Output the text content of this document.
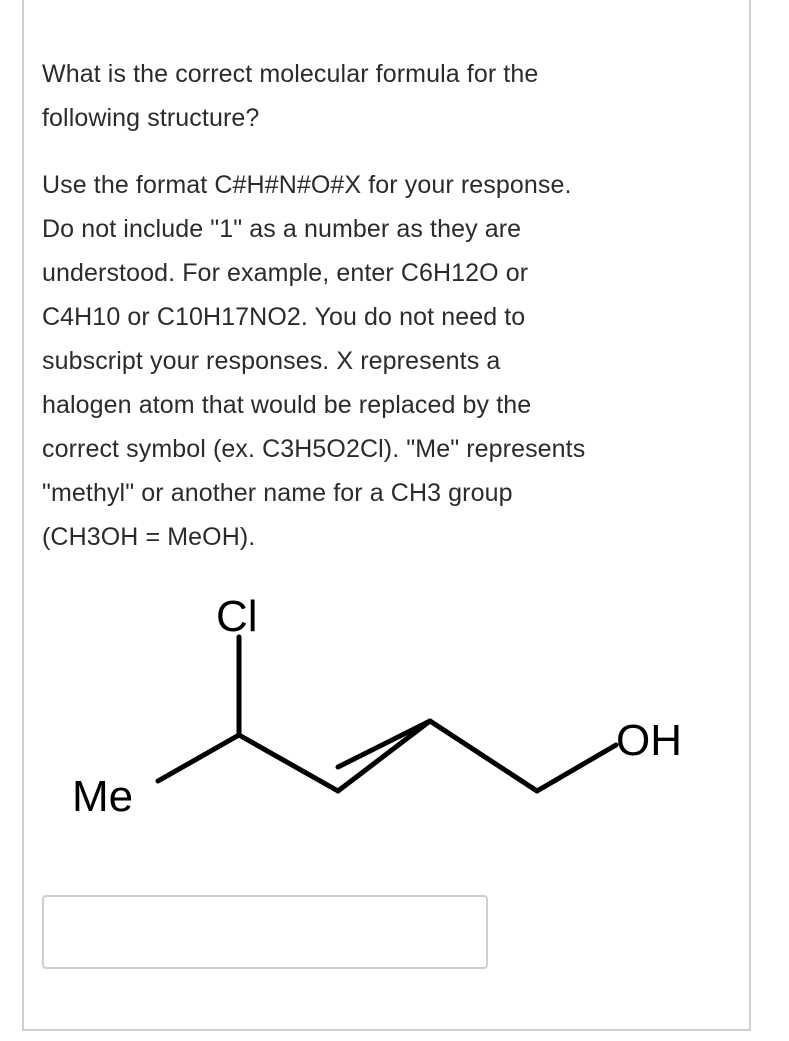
What is the correct molecular formula for the
following structure?

Use the format C#H#N#O#X for your response.
Do not include "1" as a number as they are
understood. For example, enter C6H12O or
C4H10 or C10H17NO2. You do not need to
subscript your responses. X represents a
halogen atom that would be replaced by the
correct symbol (ex. C3H5O2Cl). "Me" represents
"methyl" or another name for a CH3 group
(CH3OH = MeOH).

Cl
Me
OH
